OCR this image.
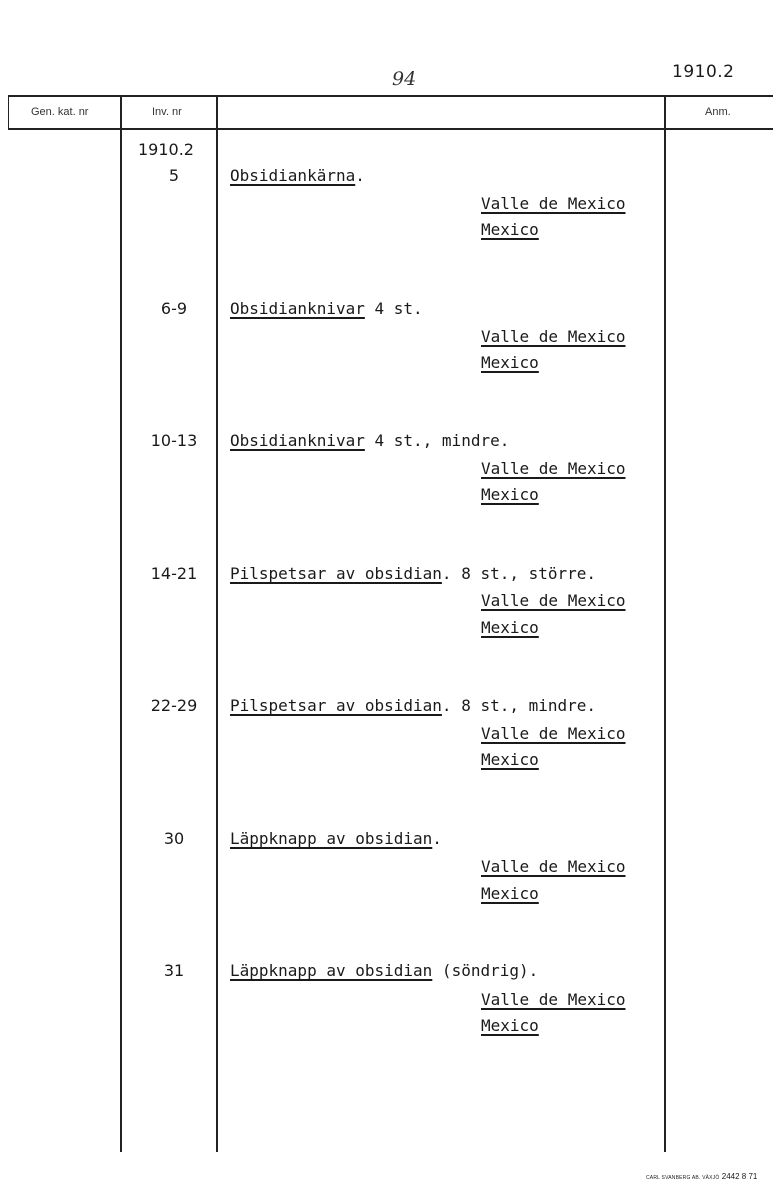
94	1910.2
Gen. kat. nr	Inv. nr	Anm.
1910.2
5	Obsidiankärna.
Valle de Mexico
Mexico
6-9	Obsidianknivar 4 st.
Valle de Mexico
Mexico
10-13	Obsidianknivar 4 st., mindre.
Valle de Mexico
Mexico
14-21	Pilspetsar av obsidian. 8 st., större.
Valle de Mexico
Mexico
22-29	Pilspetsar av obsidian. 8 st., mindre.
Valle de Mexico
Mexico
30	Läppknapp av obsidian.
Valle de Mexico
Mexico
31	Läppknapp av obsidian (söndrig).
Valle de Mexico
Mexico
CARL SVANBERG AB. VÄXJÖ 2442 8 71
